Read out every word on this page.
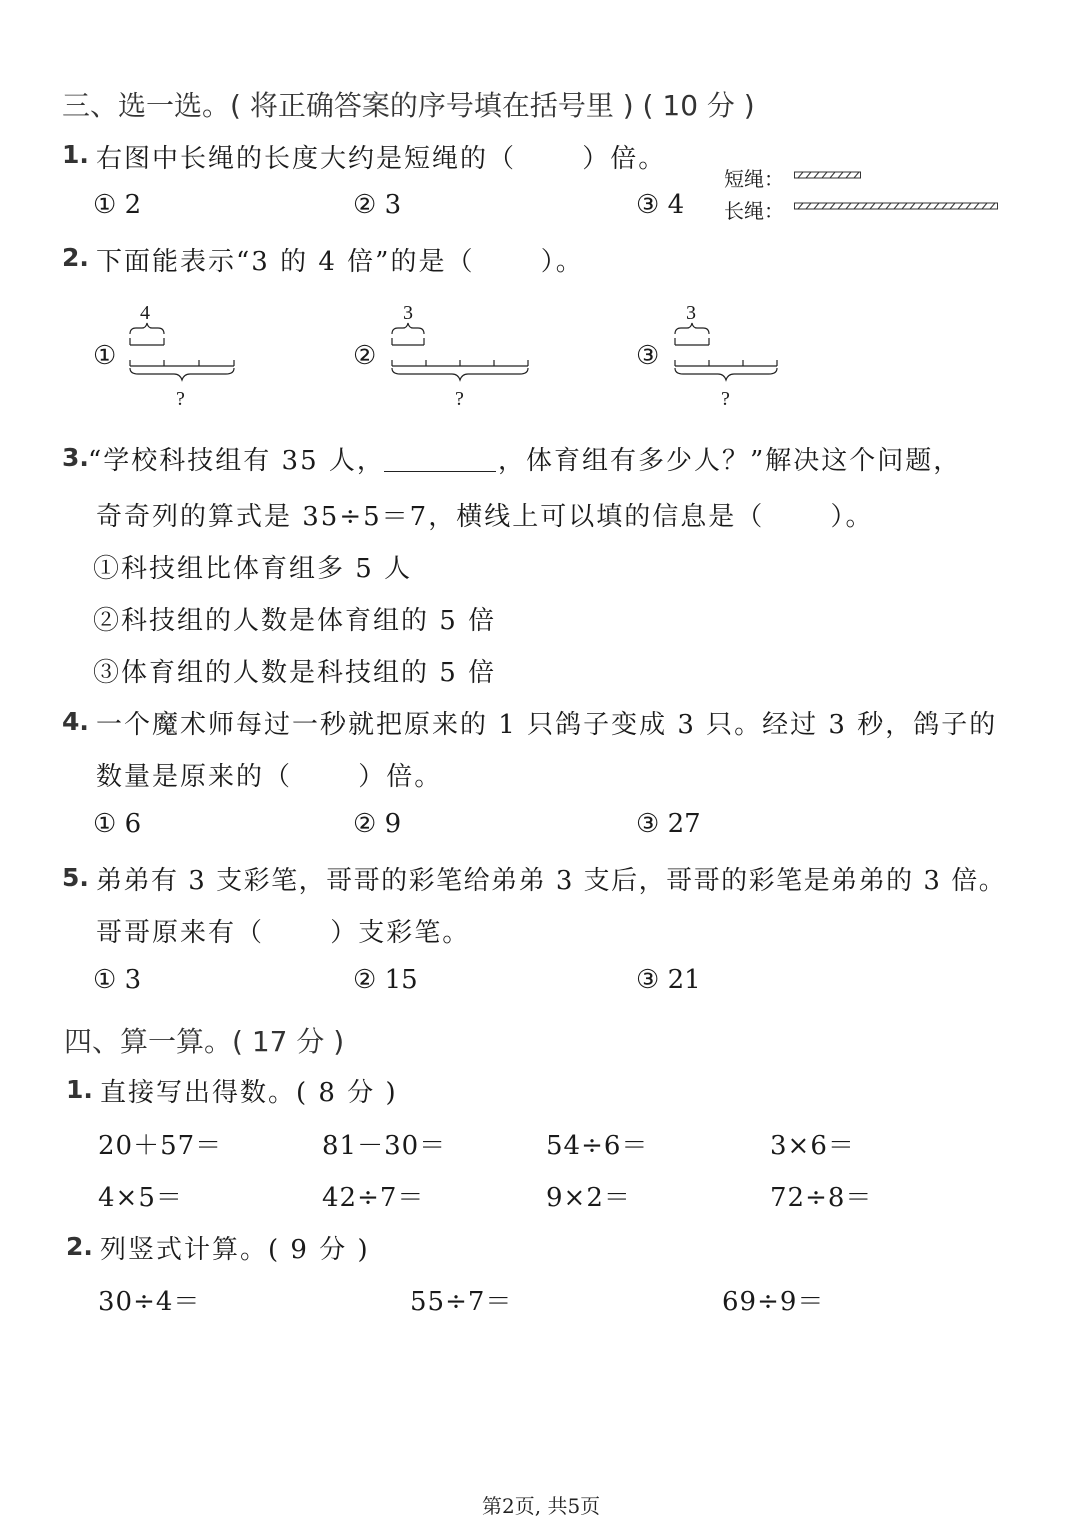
三、选一选。( 将正确答案的序号填在括号里 ) ( 10 分 )
1. 右图中长绳的长度大约是短绳的（　　 ）倍。
① 2	② 3	③ 4
短绳：
长绳：
2. 下面能表示“3 的 4 倍”的是（　　 ）。
①
4
?
②
3
?
③
3
?
3. “学校科技组有 35 人，	，体育组有多少人？”解决这个问题，
奇奇列的算式是 35÷5＝7，横线上可以填的信息是（　　 ）。
①科技组比体育组多 5 人
②科技组的人数是体育组的 5 倍
③体育组的人数是科技组的 5 倍
4. 一个魔术师每过一秒就把原来的 1 只鸽子变成 3 只。经过 3 秒，鸽子的
数量是原来的（　　 ）倍。
① 6	② 9	③ 27
5. 弟弟有 3 支彩笔，哥哥的彩笔给弟弟 3 支后，哥哥的彩笔是弟弟的 3 倍。
哥哥原来有（　　 ）支彩笔。
① 3	② 15	③ 21
四、算一算。( 17 分 )
1. 直接写出得数。( 8 分 )
20＋57＝	81－30＝	54÷6＝	3×6＝
4×5＝	42÷7＝	9×2＝	72÷8＝
2. 列竖式计算。( 9 分 )
30÷4＝	55÷7＝	69÷9＝
第2页, 共5页
